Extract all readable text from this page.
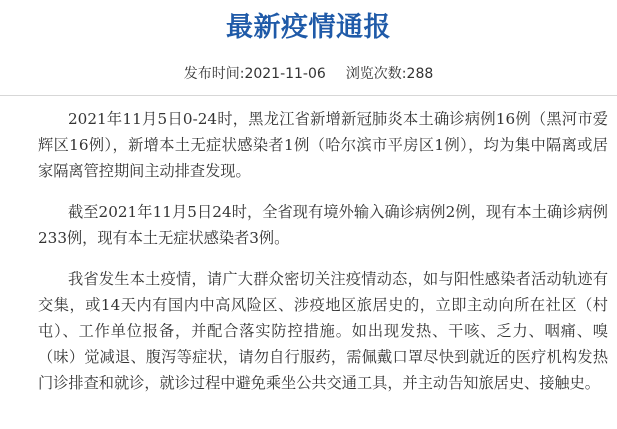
最新疫情通报
发布时间:2021-11-06 浏览次数:288

2021年11月5日0-24时，黑龙江省新增新冠肺炎本土确诊病例16例（黑河市爱辉区16例），新增本土无症状感染者1例（哈尔滨市平房区1例），均为集中隔离或居家隔离管控期间主动排查发现。

截至2021年11月5日24时，全省现有境外输入确诊病例2例，现有本土确诊病例233例，现有本土无症状感染者3例。

我省发生本土疫情，请广大群众密切关注疫情动态，如与阳性感染者活动轨迹有交集，或14天内有国内中高风险区、涉疫地区旅居史的，立即主动向所在社区（村屯）、工作单位报备，并配合落实防控措施。如出现发热、干咳、乏力、咽痛、嗅（味）觉减退、腹泻等症状，请勿自行服药，需佩戴口罩尽快到就近的医疗机构发热门诊排查和就诊，就诊过程中避免乘坐公共交通工具，并主动告知旅居史、接触史。
